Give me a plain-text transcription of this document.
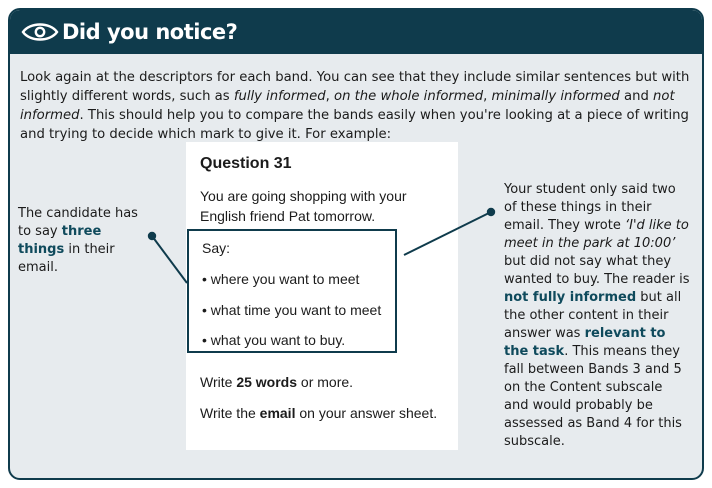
Did you notice?
Look again at the descriptors for each band. You can see that they include similar sentences but with slightly different words, such as fully informed, on the whole informed, minimally informed and not informed. This should help you to compare the bands easily when you're looking at a piece of writing and trying to decide which mark to give it. For example:
Question 31
You are going shopping with your English friend Pat tomorrow.
Say:
• where you want to meet
• what time you want to meet
• what you want to buy.
Write 25 words or more.
Write the email on your answer sheet.
The candidate has to say three things in their email.
Your student only said two of these things in their email. They wrote ‘I'd like to meet in the park at 10:00’ but did not say what they wanted to buy. The reader is not fully informed but all the other content in their answer was relevant to the task. This means they fall between Bands 3 and 5 on the Content subscale and would probably be assessed as Band 4 for this subscale.
